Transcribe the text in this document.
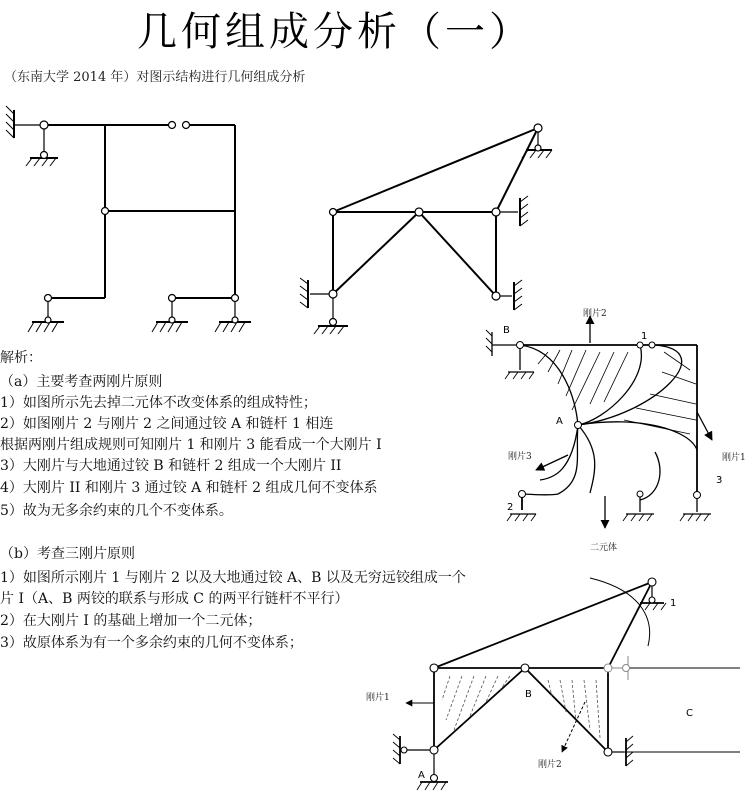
几何组成分析（一）
（东南大学 2014 年）对图示结构进行几何组成分析
解析：
（a）主要考查两刚片原则
1）如图所示先去掉二元体不改变体系的组成特性；
2）如图刚片 2 与刚片 2 之间通过铰 A 和链杆 1 相连
根据两刚片组成规则可知刚片 1 和刚片 3 能看成一个大刚片 I
3）大刚片与大地通过铰 B 和链杆 2 组成一个大刚片 II
4）大刚片 II 和刚片 3 通过铰 A 和链杆 2 组成几何不变体系
5）故为无多余约束的几个不变体系。
（b）考查三刚片原则
1）如图所示刚片 1 与刚片 2 以及大地通过铰 A、B 以及无穷远铰组成一个
片 I（A、B 两铰的联系与形成 C 的两平行链杆不平行）
2）在大刚片 I 的基础上增加一个二元体；
3）故原体系为有一个多余约束的几何不变体系；
B
刚片2
1
A
刚片3	刚片1
3
2
二元体
1
刚片1	B
C
A
刚片2
